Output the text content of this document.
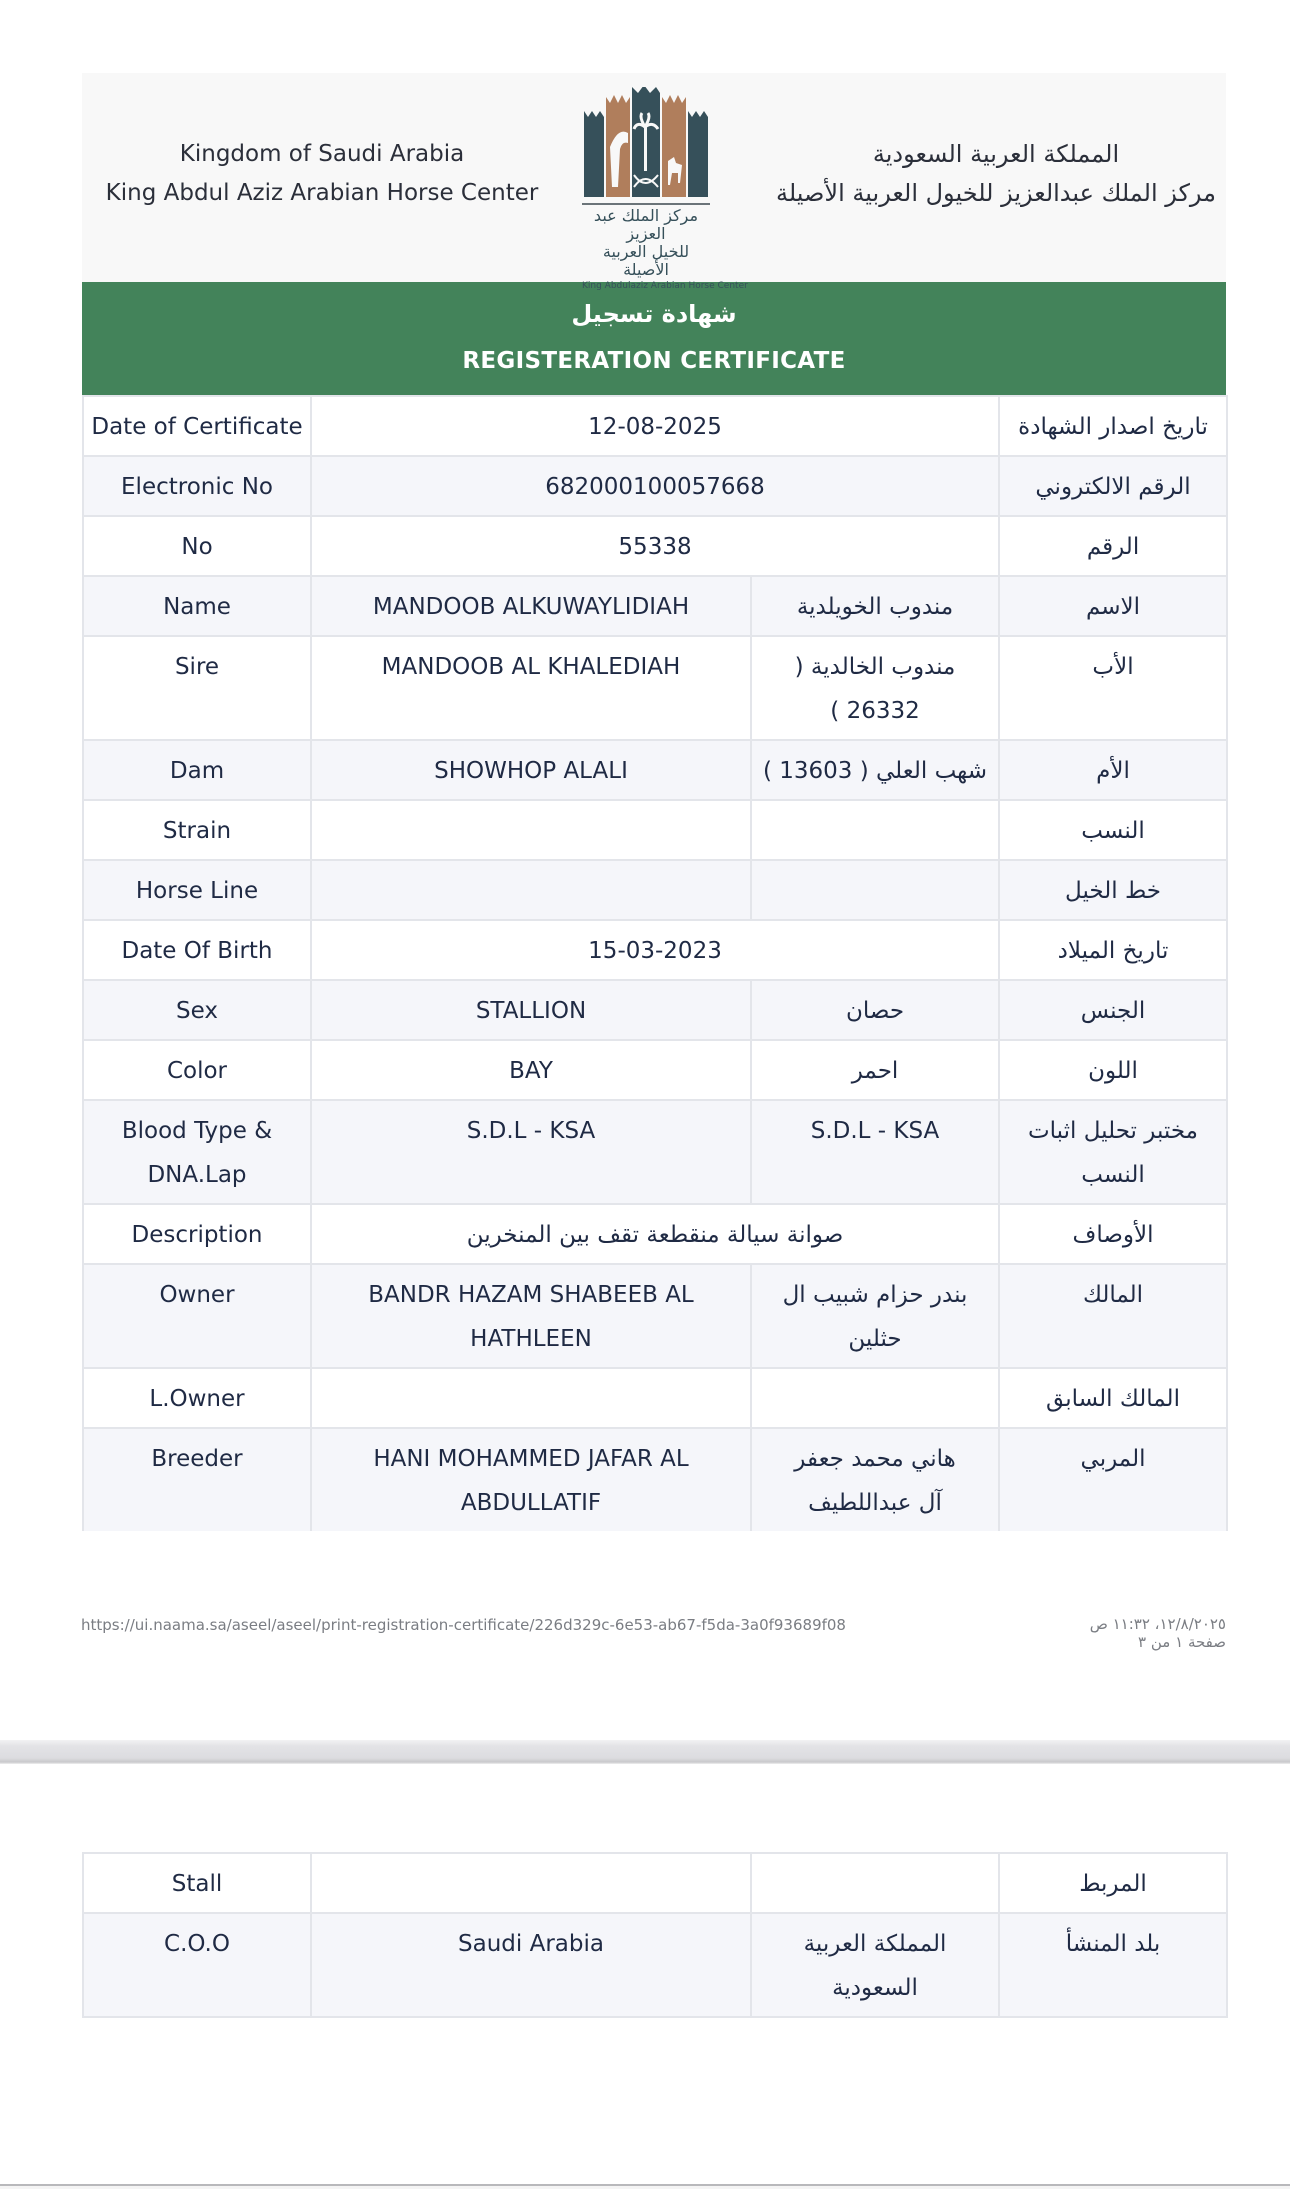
Kingdom of Saudi Arabia
King Abdul Aziz Arabian Horse Center
مركز الملك عبد العزيز
للخيل العربية الأصيلة
King Abdulaziz Arabian Horse Center
المملكة العربية السعودية
مركز الملك عبدالعزيز للخيول العربية الأصيلة
شهادة تسجيل
REGISTERATION CERTIFICATE
Date of Certificate	12-08-2025		تاريخ اصدار الشهادة
Electronic No	682000100057668		الرقم الالكتروني
No	55338		الرقم
Name	MANDOOB ALKUWAYLIDIAH	مندوب الخويلدية	الاسم
Sire	MANDOOB AL KHALEDIAH	مندوب الخالدية ( 26332 )	الأب
Dam	SHOWHOP ALALI	شهب العلي ( 13603 )	الأم
Strain			النسب
Horse Line			خط الخيل
Date Of Birth	15-03-2023		تاريخ الميلاد
Sex	STALLION	حصان	الجنس
Color	BAY	احمر	اللون
Blood Type & DNA.Lap	S.D.L - KSA	S.D.L - KSA	مختبر تحليل اثبات النسب
Description	صوانة سيالة منقطعة تقف بين المنخرين		الأوصاف
Owner	BANDR HAZAM SHABEEB AL HATHLEEN	بندر حزام شبيب ال حثلين	المالك
L.Owner			المالك السابق
Breeder	HANI MOHAMMED JAFAR AL ABDULLATIF	هاني محمد جعفر آل عبداللطيف	المربي
https://ui.naama.sa/aseel/aseel/print-registration-certificate/226d329c-6e53-ab67-f5da-3a0f93689f08	١٢/٨/٢٠٢٥، ١١:٣٢ ص
صفحة ١ من ٣
Stall			المربط
C.O.O	Saudi Arabia	المملكة العربية السعودية	بلد المنشأ
